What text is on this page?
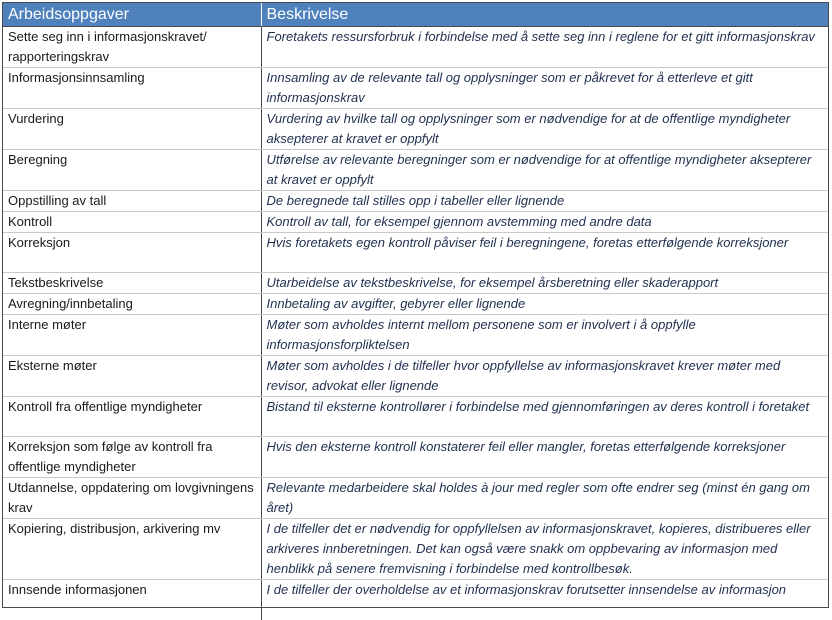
Arbeidsoppgaver	Beskrivelse
Sette seg inn i informasjonskravet/ rapporteringskrav	Foretakets ressursforbruk i forbindelse med å sette seg inn i reglene for et gitt informasjonskrav
Informasjonsinnsamling	Innsamling av de relevante tall og opplysninger som er påkrevet for å etterleve et gitt informasjonskrav
Vurdering	Vurdering av hvilke tall og opplysninger som er nødvendige for at de offentlige myndigheter aksepterer at kravet er oppfylt
Beregning	Utførelse av relevante beregninger som er nødvendige for at offentlige myndigheter aksepterer at kravet er oppfylt
Oppstilling av tall	De beregnede tall stilles opp i tabeller eller lignende
Kontroll	Kontroll av tall, for eksempel gjennom avstemming med andre data
Korreksjon	Hvis foretakets egen kontroll påviser feil i beregningene, foretas etterfølgende korreksjoner
Tekstbeskrivelse	Utarbeidelse av tekstbeskrivelse, for eksempel årsberetning eller skaderapport
Avregning/innbetaling	Innbetaling av avgifter, gebyrer eller lignende
Interne møter	Møter som avholdes internt mellom personene som er involvert i å oppfylle informasjonsforpliktelsen
Eksterne møter	Møter som avholdes i de tilfeller hvor oppfyllelse av informasjonskravet krever møter med revisor, advokat eller lignende
Kontroll fra offentlige myndigheter	Bistand til eksterne kontrollører i forbindelse med gjennomføringen av deres kontroll i foretaket
Korreksjon som følge av kontroll fra offentlige myndigheter	Hvis den eksterne kontroll konstaterer feil eller mangler, foretas etterfølgende korreksjoner
Utdannelse, oppdatering om lovgivningens krav	Relevante medarbeidere skal holdes à jour med regler som ofte endrer seg (minst én gang om året)
Kopiering, distribusjon, arkivering mv	I de tilfeller det er nødvendig for oppfyllelsen av informasjonskravet, kopieres, distribueres eller arkiveres innberetningen. Det kan også være snakk om oppbevaring av informasjon med henblikk på senere fremvisning i forbindelse med kontrollbesøk.
Innsende informasjonen	I de tilfeller der overholdelse av et informasjonskrav forutsetter innsendelse av informasjon
